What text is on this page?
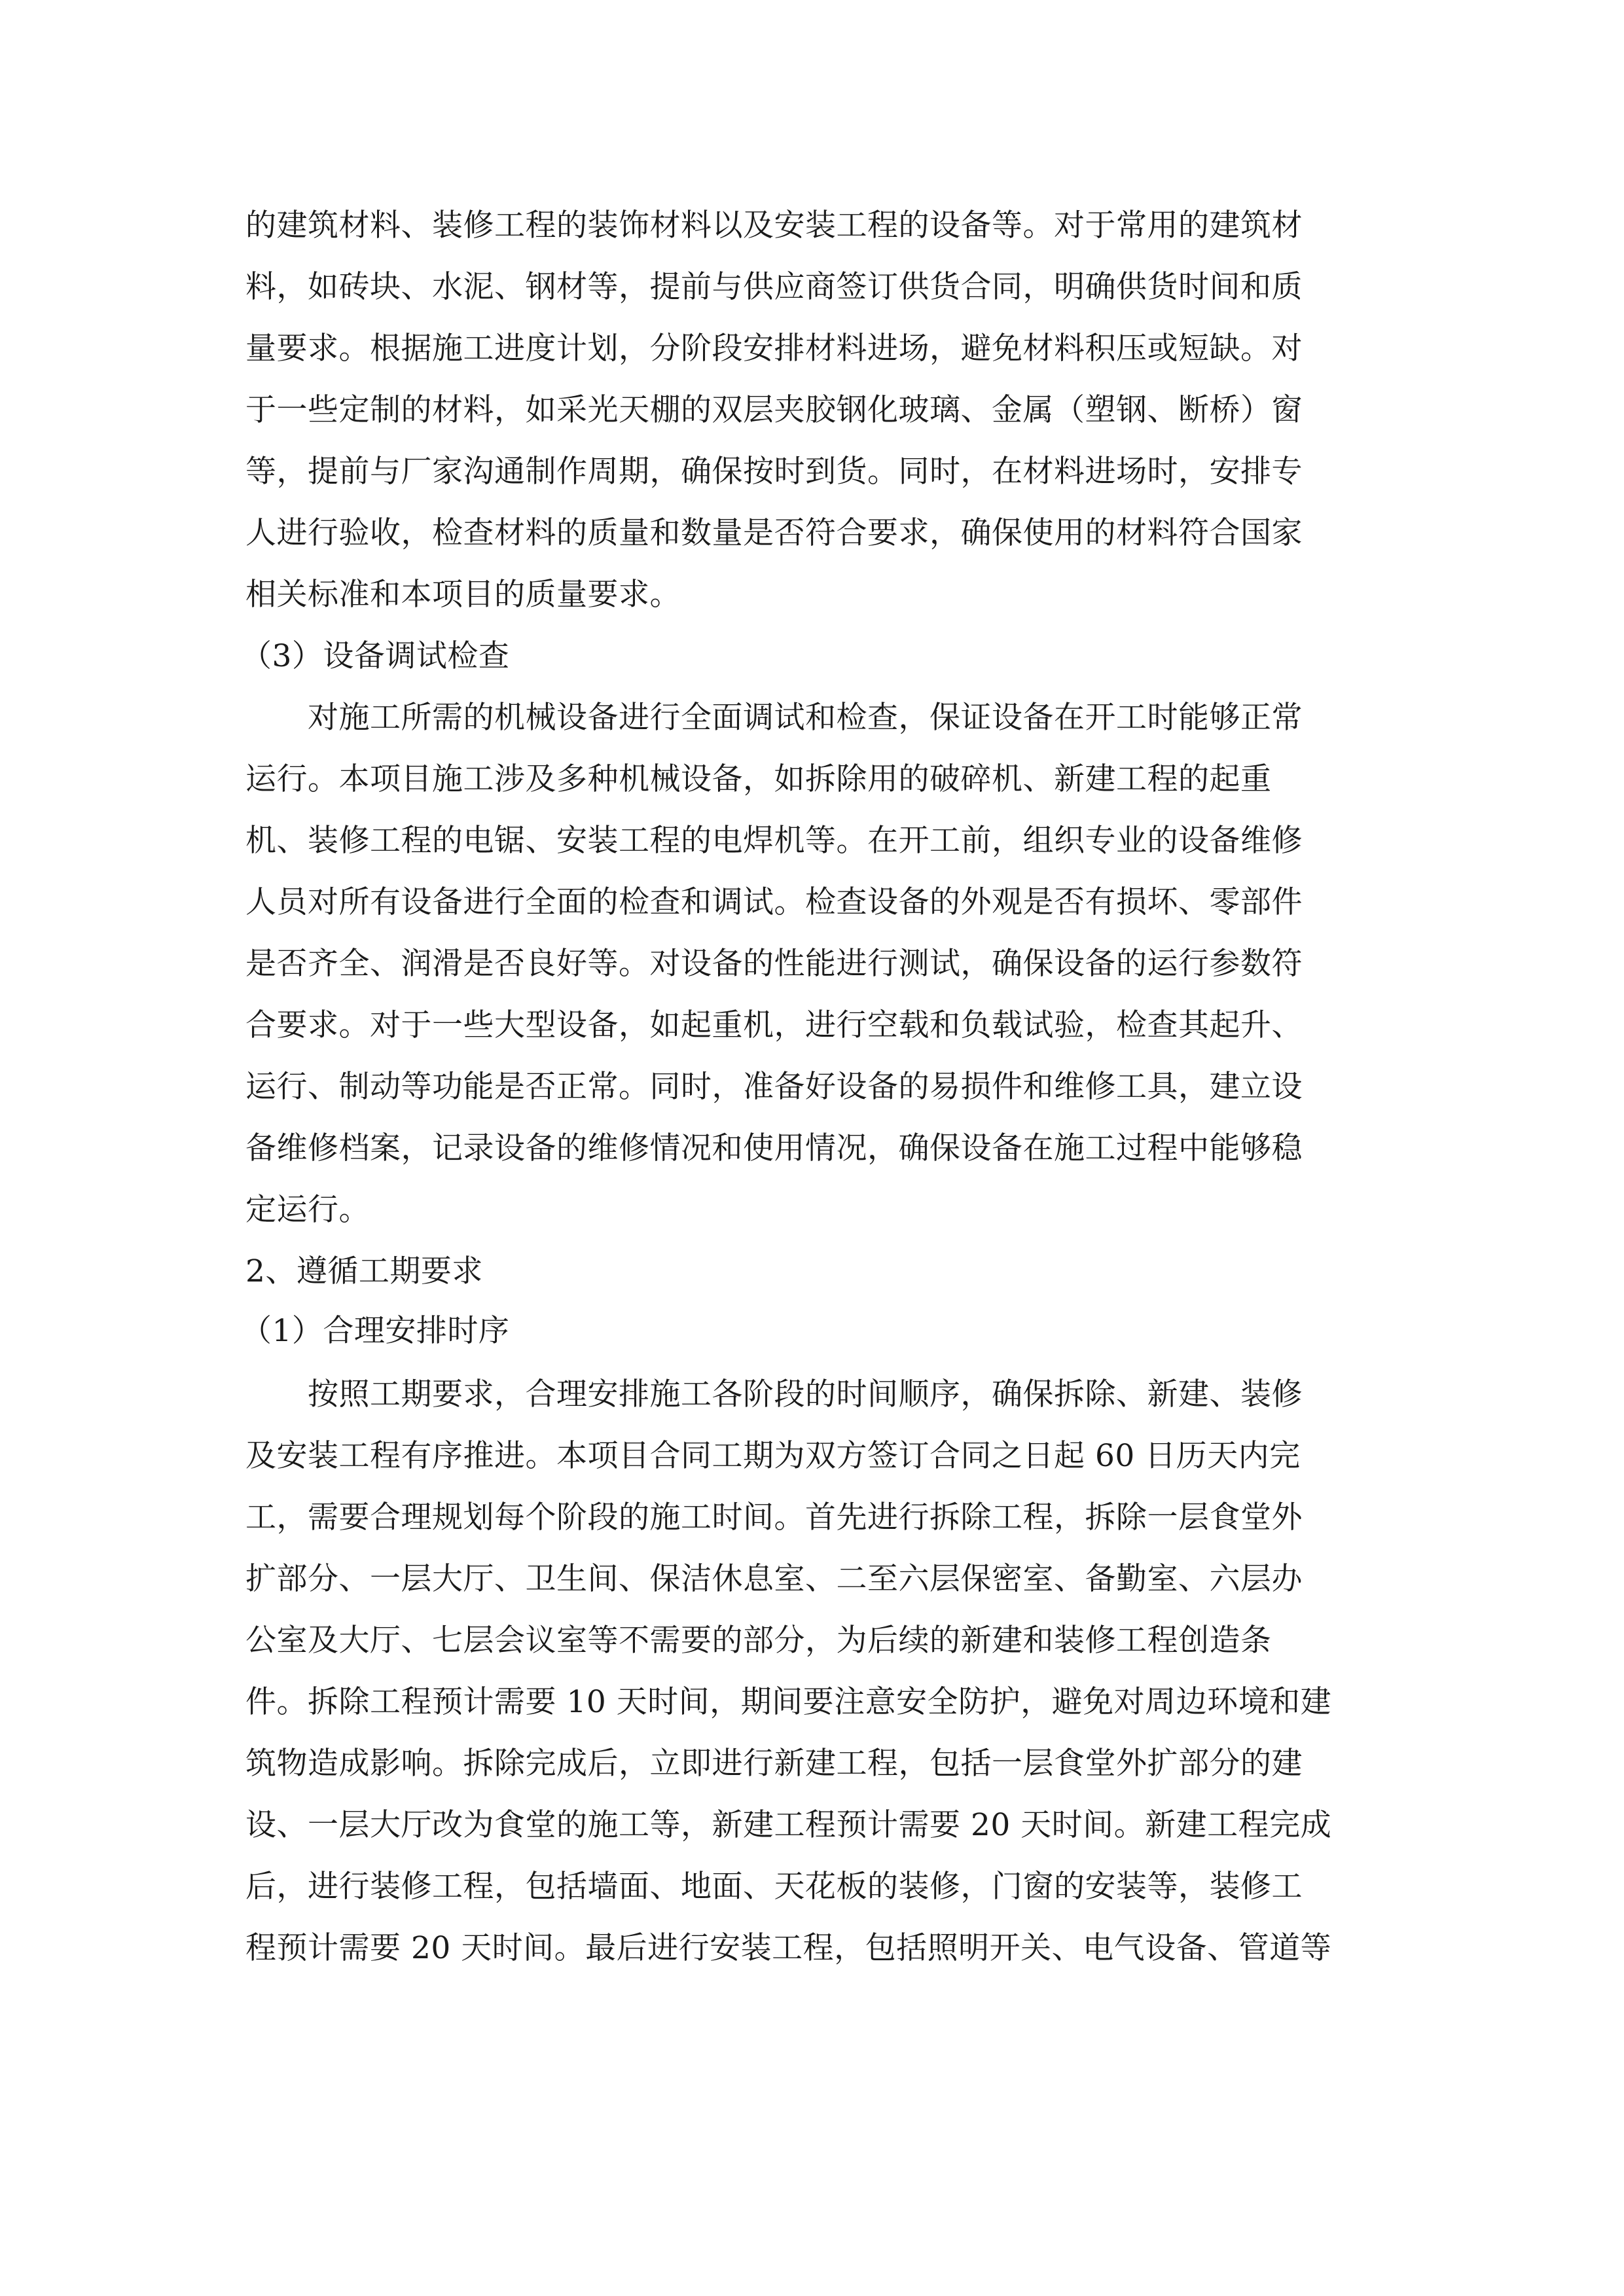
的建筑材料、装修工程的装饰材料以及安装工程的设备等。对于常用的建筑材
料，如砖块、水泥、钢材等，提前与供应商签订供货合同，明确供货时间和质
量要求。根据施工进度计划，分阶段安排材料进场，避免材料积压或短缺。对
于一些定制的材料，如采光天棚的双层夹胶钢化玻璃、金属（塑钢、断桥）窗
等，提前与厂家沟通制作周期，确保按时到货。同时，在材料进场时，安排专
人进行验收，检查材料的质量和数量是否符合要求，确保使用的材料符合国家
相关标准和本项目的质量要求。
（3）设备调试检查
对施工所需的机械设备进行全面调试和检查，保证设备在开工时能够正常
运行。本项目施工涉及多种机械设备，如拆除用的破碎机、新建工程的起重
机、装修工程的电锯、安装工程的电焊机等。在开工前，组织专业的设备维修
人员对所有设备进行全面的检查和调试。检查设备的外观是否有损坏、零部件
是否齐全、润滑是否良好等。对设备的性能进行测试，确保设备的运行参数符
合要求。对于一些大型设备，如起重机，进行空载和负载试验，检查其起升、
运行、制动等功能是否正常。同时，准备好设备的易损件和维修工具，建立设
备维修档案，记录设备的维修情况和使用情况，确保设备在施工过程中能够稳
定运行。
2、遵循工期要求
（1）合理安排时序
按照工期要求，合理安排施工各阶段的时间顺序，确保拆除、新建、装修
及安装工程有序推进。本项目合同工期为双方签订合同之日起 60 日历天内完
工，需要合理规划每个阶段的施工时间。首先进行拆除工程，拆除一层食堂外
扩部分、一层大厅、卫生间、保洁休息室、二至六层保密室、备勤室、六层办
公室及大厅、七层会议室等不需要的部分，为后续的新建和装修工程创造条
件。拆除工程预计需要 10 天时间，期间要注意安全防护，避免对周边环境和建
筑物造成影响。拆除完成后，立即进行新建工程，包括一层食堂外扩部分的建
设、一层大厅改为食堂的施工等，新建工程预计需要 20 天时间。新建工程完成
后，进行装修工程，包括墙面、地面、天花板的装修，门窗的安装等，装修工
程预计需要 20 天时间。最后进行安装工程，包括照明开关、电气设备、管道等
